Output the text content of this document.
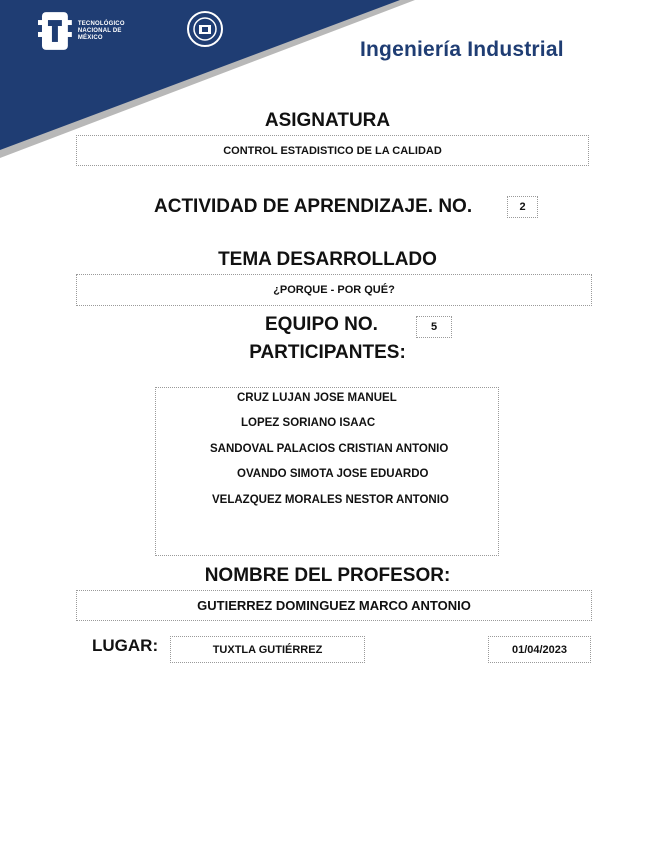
TECNOLÓGICO
NACIONAL DE MÉXICO
Ingeniería Industrial
ASIGNATURA
CONTROL ESTADISTICO DE LA CALIDAD
ACTIVIDAD DE APRENDIZAJE. NO.	2
TEMA DESARROLLADO
¿PORQUE - POR QUÉ?
EQUIPO NO.	5
PARTICIPANTES:
CRUZ LUJAN JOSE MANUEL
LOPEZ SORIANO ISAAC
SANDOVAL PALACIOS CRISTIAN ANTONIO
OVANDO SIMOTA JOSE EDUARDO
VELAZQUEZ MORALES NESTOR ANTONIO
NOMBRE DEL PROFESOR:
GUTIERREZ DOMINGUEZ MARCO ANTONIO
LUGAR:	TUXTLA GUTIÉRREZ	01/04/2023
